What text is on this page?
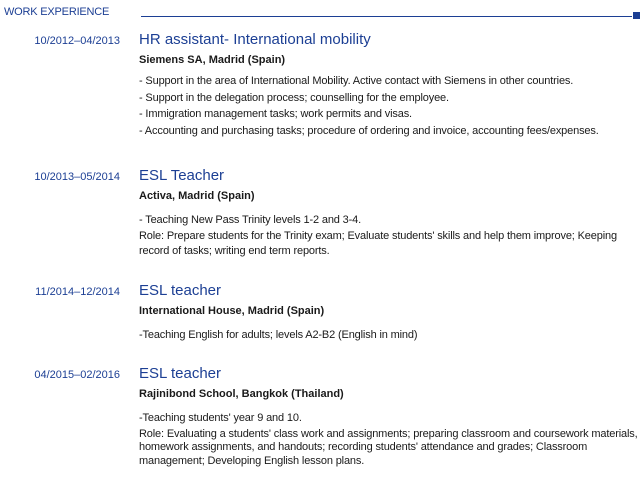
WORK EXPERIENCE
10/2012–04/2013 HR assistant- International mobility
Siemens SA, Madrid (Spain)
- Support in the area of International Mobility. Active contact with Siemens in other countries.
- Support in the delegation process; counselling for the employee.
- Immigration management tasks; work permits and visas.
- Accounting and purchasing tasks; procedure of ordering and invoice, accounting fees/expenses.
10/2013–05/2014 ESL Teacher
Activa, Madrid (Spain)
- Teaching New Pass Trinity levels 1-2 and 3-4.
Role: Prepare students for the Trinity exam; Evaluate students' skills and help them improve; Keeping record of tasks; writing end term reports.
11/2014–12/2014 ESL teacher
International House, Madrid (Spain)
-Teaching English for adults; levels A2-B2 (English in mind)
04/2015–02/2016 ESL teacher
Rajinibond School, Bangkok (Thailand)
-Teaching students' year 9 and 10.
Role: Evaluating a students' class work and assignments; preparing classroom and coursework materials, homework assignments, and handouts; recording students' attendance and grades; Classroom management; Developing English lesson plans.
